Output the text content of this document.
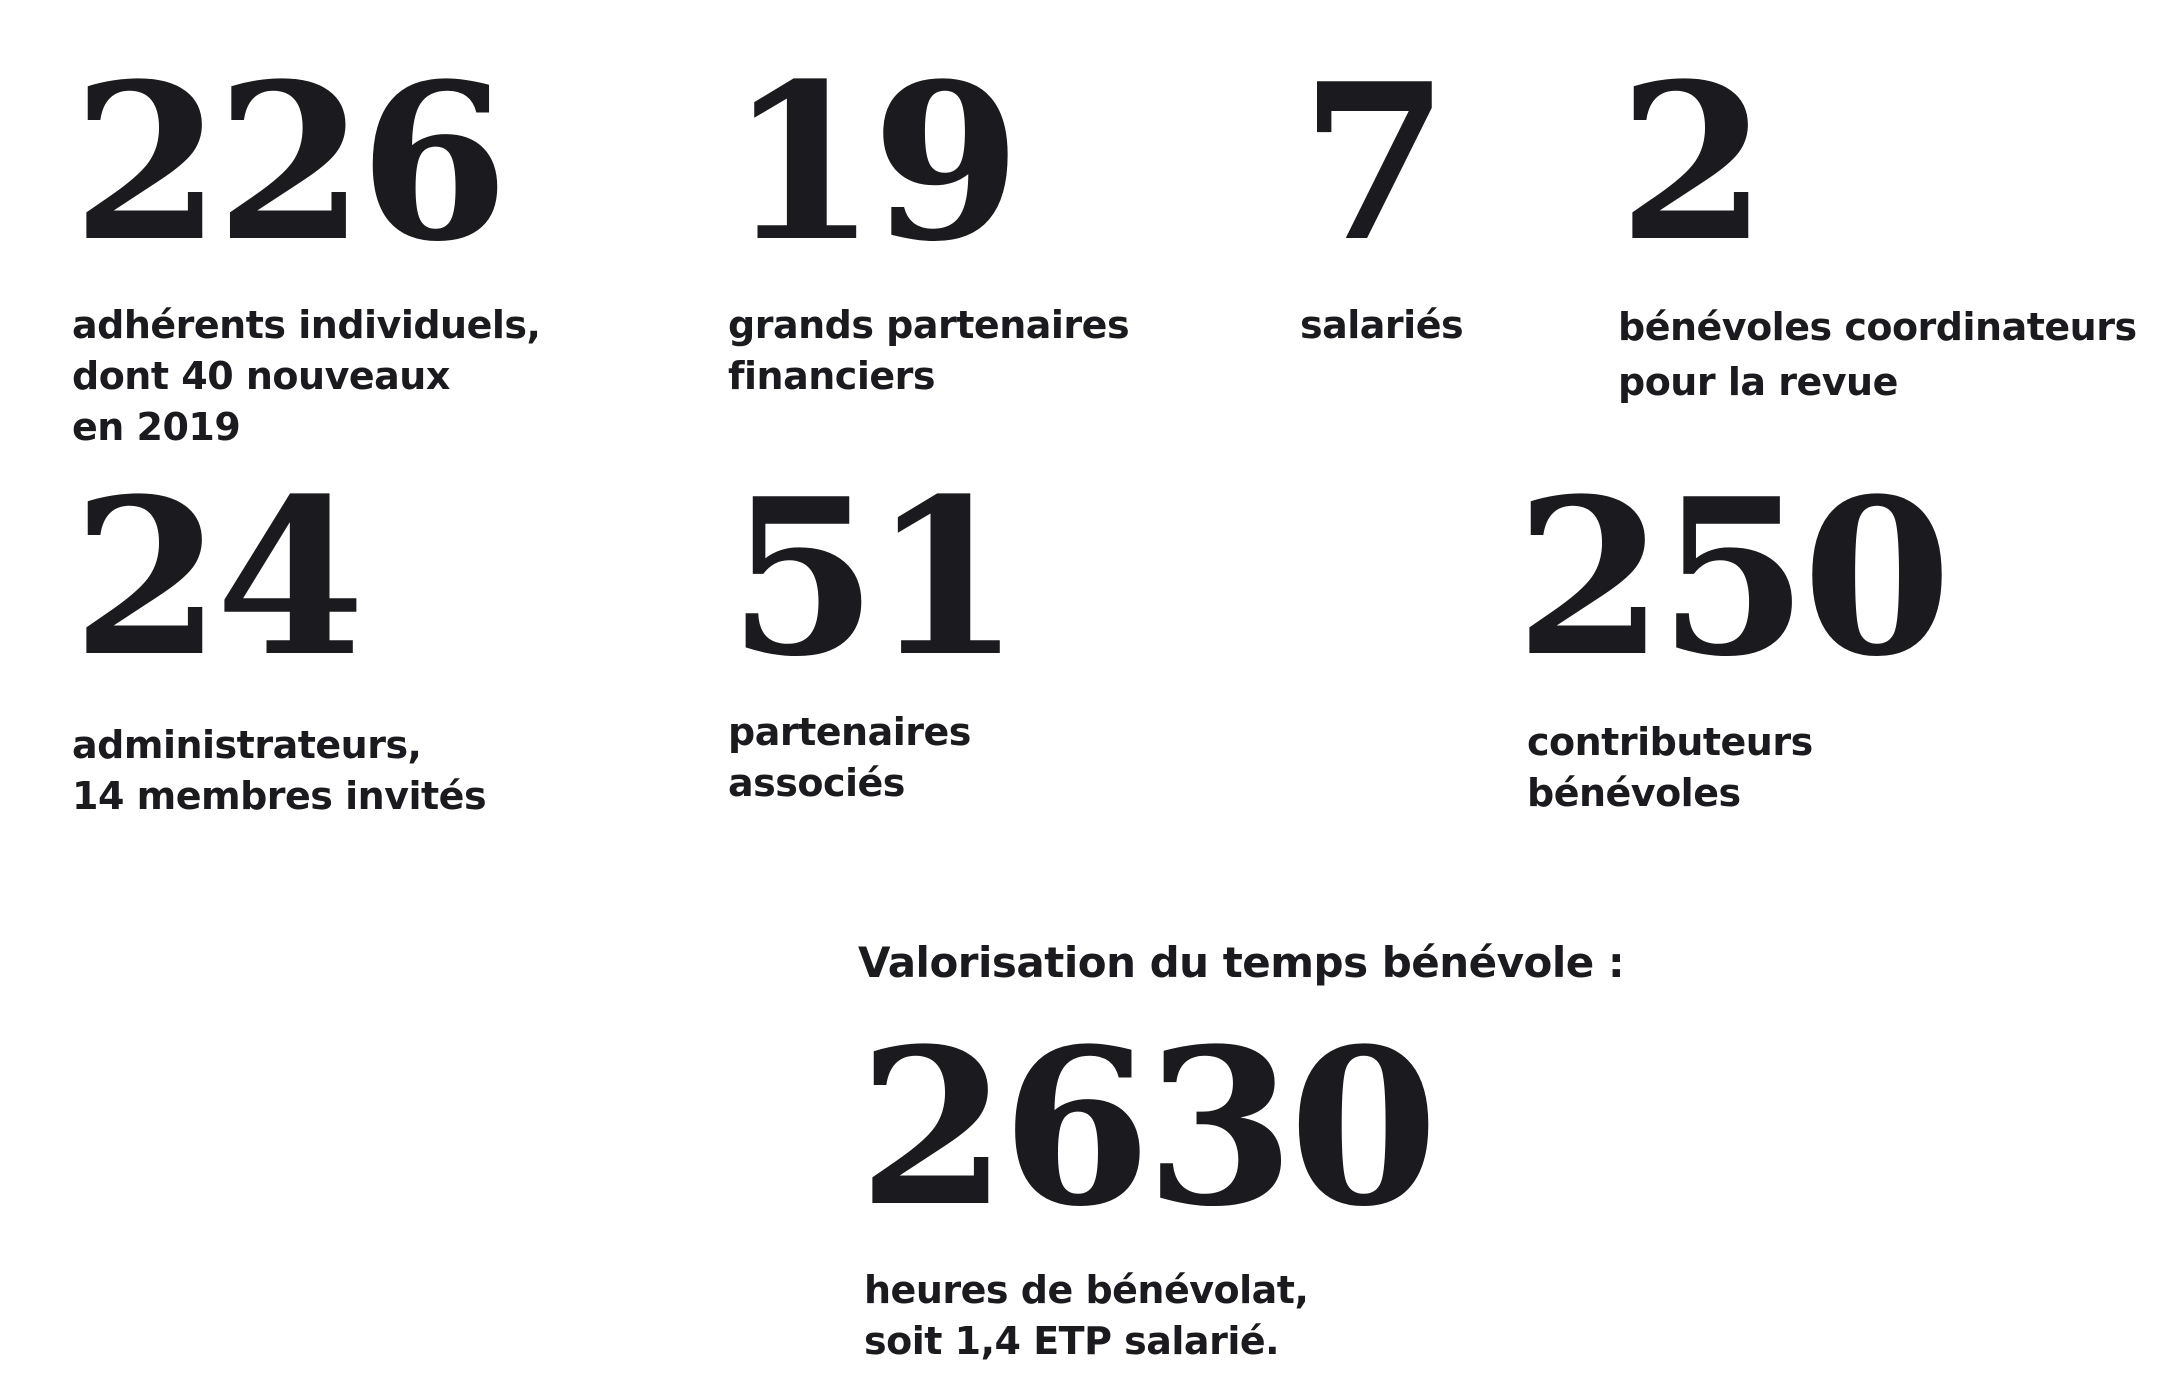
226
adhérents individuels,
dont 40 nouveaux
en 2019
19
grands partenaires
financiers
7
salariés
2
bénévoles coordinateurs
pour la revue
24
administrateurs,
14 membres invités
51
partenaires
associés
250
contributeurs
bénévoles
Valorisation du temps bénévole :
2630
heures de bénévolat,
soit 1,4 ETP salarié.
